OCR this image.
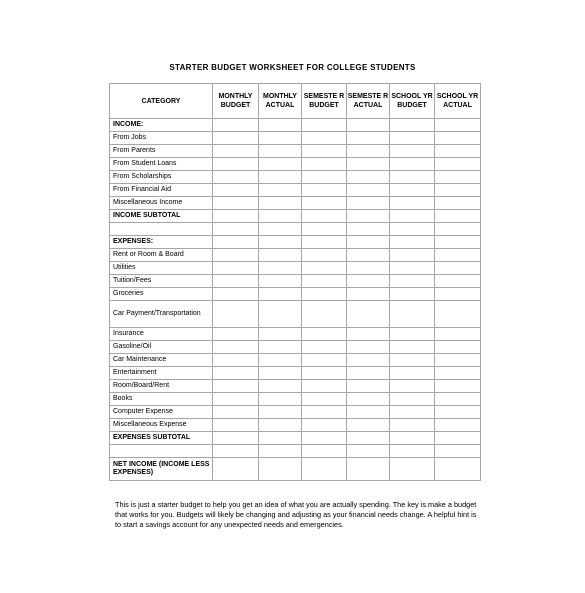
STARTER BUDGET WORKSHEET FOR COLLEGE STUDENTS
CATEGORY	MONTHLY BUDGET	MONTHLY ACTUAL	SEMESTE R BUDGET	SEMESTE R ACTUAL	SCHOOL YR BUDGET	SCHOOL YR ACTUAL
INCOME:						
From Jobs						
From Parents						
From Student Loans						
From Scholarships						
From Financial Aid						
Miscellaneous Income						
INCOME SUBTOTAL						

EXPENSES:						
Rent or Room & Board						
Utilities						
Tuition/Fees						
Groceries						
Car Payment/Transportation						
Insurance						
Gasoline/Oil						
Car Maintenance						
Entertainment						
Room/Board/Rent						
Books						
Computer Expense						
Miscellaneous Expense						
EXPENSES SUBTOTAL						

NET INCOME (INCOME LESS EXPENSES)						
This is just a starter budget to help you get an idea of what you are actually spending. The key is make a budget that works for you. Budgets will likely be changing and adjusting as your financial needs change. A helpful hint is to start a savings account for any unexpected needs and emergencies.
